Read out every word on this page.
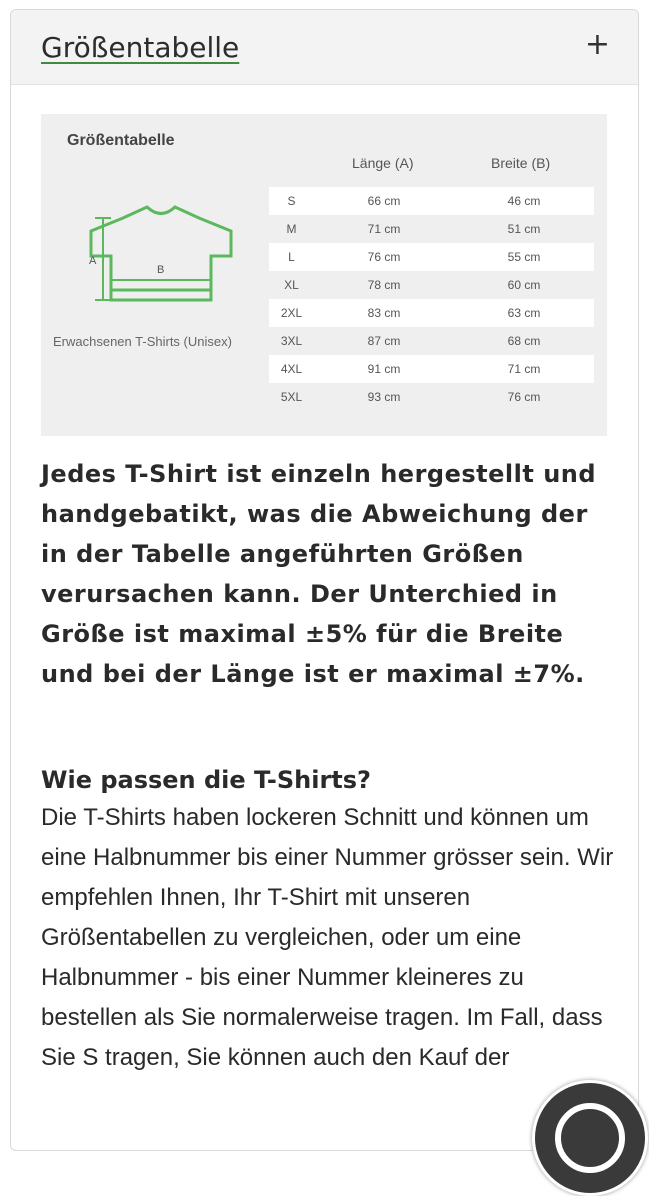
Größentabelle	+
Größentabelle
Länge (A)	Breite (B)
A
B
Erwachsenen T-Shirts (Unisex)
S	66 cm	46 cm
M	71 cm	51 cm
L	76 cm	55 cm
XL	78 cm	60 cm
2XL	83 cm	63 cm
3XL	87 cm	68 cm
4XL	91 cm	71 cm
5XL	93 cm	76 cm
Jedes T-Shirt ist einzeln hergestellt und handgebatikt, was die Abweichung der in der Tabelle angeführten Größen verursachen kann. Der Unterchied in Größe ist maximal ±5% für die Breite und bei der Länge ist er maximal ±7%.
Wie passen die T-Shirts?
Die T-Shirts haben lockeren Schnitt und können um eine Halbnummer bis einer Nummer grösser sein. Wir empfehlen Ihnen, Ihr T-Shirt mit unseren Größentabellen zu vergleichen, oder um eine Halbnummer - bis einer Nummer kleineres zu bestellen als Sie normalerweise tragen. Im Fall, dass Sie S tragen, Sie können auch den Kauf der
